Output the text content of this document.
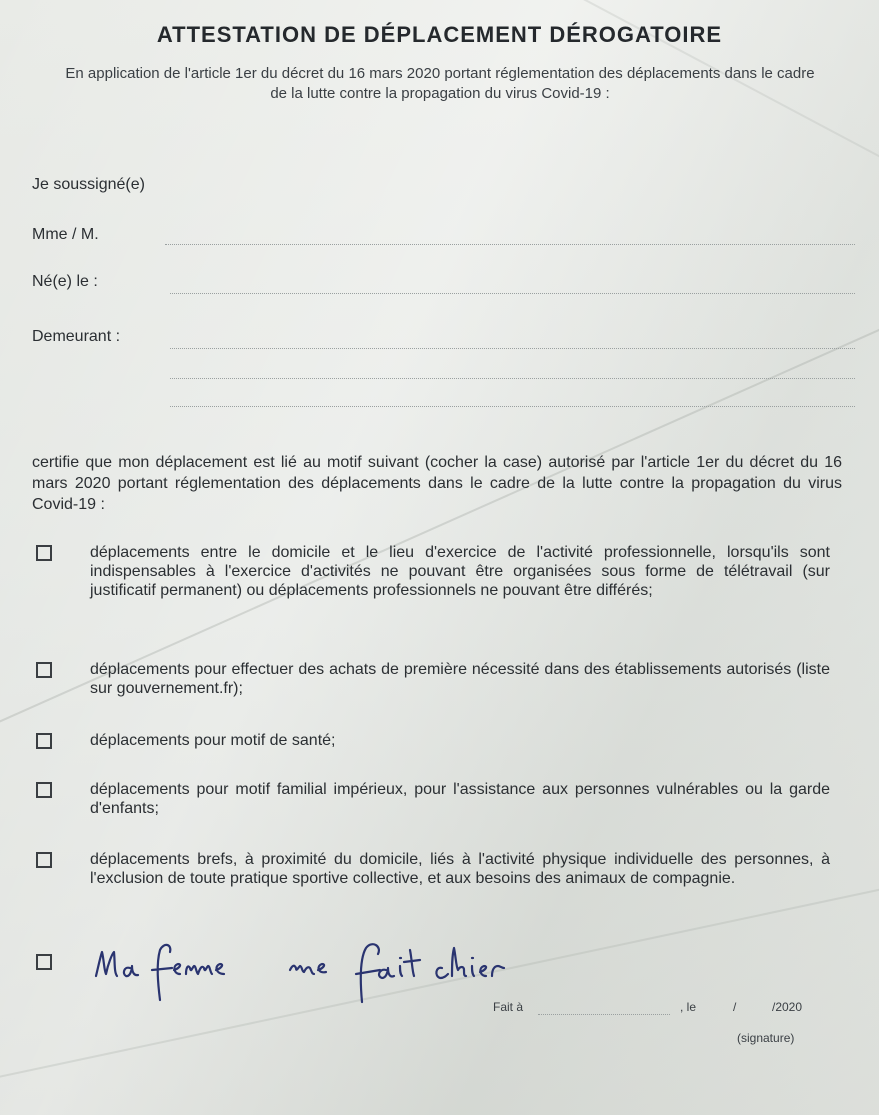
ATTESTATION DE DÉPLACEMENT DÉROGATOIRE
En application de l'article 1er du décret du 16 mars 2020 portant réglementation des déplacements dans le cadre de la lutte contre la propagation du virus Covid-19 :
Je soussigné(e)
Mme / M.
Né(e) le :
Demeurant :
certifie que mon déplacement est lié au motif suivant (cocher la case) autorisé par l'article 1er du décret du 16 mars 2020 portant réglementation des déplacements dans le cadre de la lutte contre la propagation du virus Covid-19 :
déplacements entre le domicile et le lieu d'exercice de l'activité professionnelle, lorsqu'ils sont indispensables à l'exercice d'activités ne pouvant être organisées sous forme de télétravail (sur justificatif permanent) ou déplacements professionnels ne pouvant être différés;
déplacements pour effectuer des achats de première nécessité dans des établissements autorisés (liste sur gouvernement.fr);
déplacements pour motif de santé;
déplacements pour motif familial impérieux, pour l'assistance aux personnes vulnérables ou la garde d'enfants;
déplacements brefs, à proximité du domicile, liés à l'activité physique individuelle des personnes, à l'exclusion de toute pratique sportive collective, et aux besoins des animaux de compagnie.
Fait à	, le	/	/2020
(signature)
